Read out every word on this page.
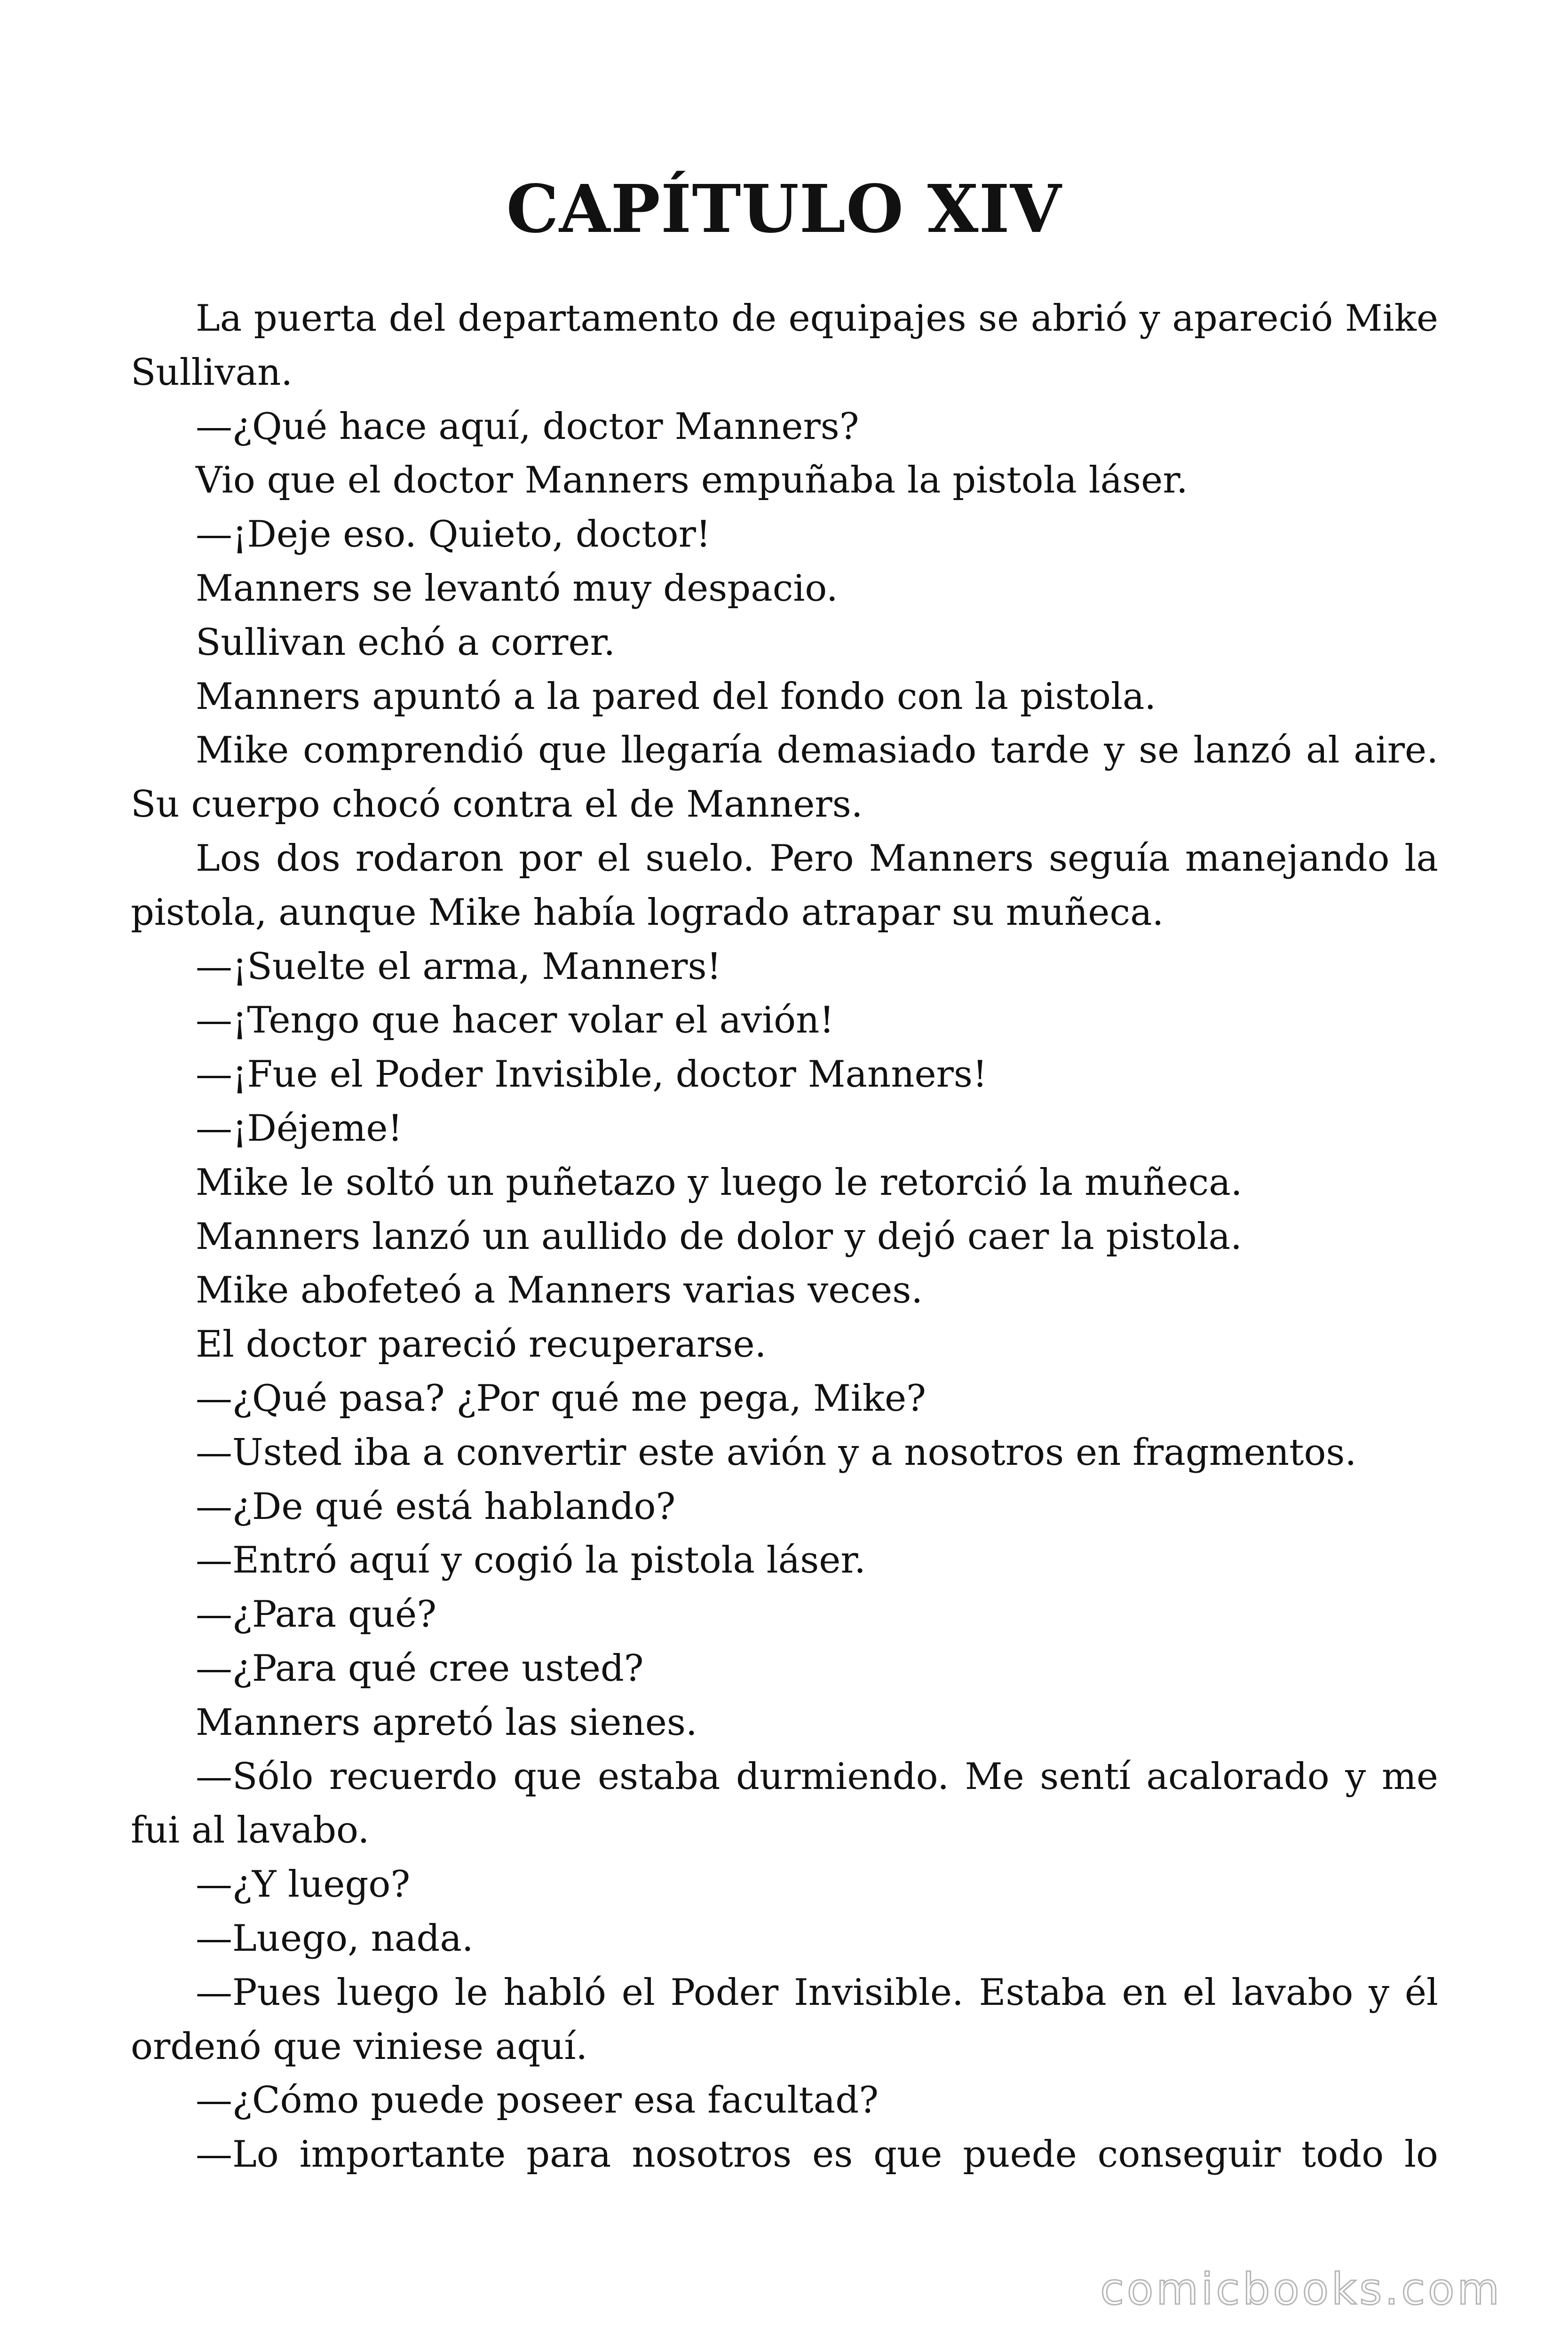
CAPÍTULO XIV

La puerta del departamento de equipajes se abrió y apareció Mike Sullivan.

—¿Qué hace aquí, doctor Manners?

Vio que el doctor Manners empuñaba la pistola láser.

—¡Deje eso. Quieto, doctor!

Manners se levantó muy despacio.

Sullivan echó a correr.

Manners apuntó a la pared del fondo con la pistola.

Mike comprendió que llegaría demasiado tarde y se lanzó al aire. Su cuerpo chocó contra el de Manners.

Los dos rodaron por el suelo. Pero Manners seguía manejando la pistola, aunque Mike había logrado atrapar su muñeca.

—¡Suelte el arma, Manners!

—¡Tengo que hacer volar el avión!

—¡Fue el Poder Invisible, doctor Manners!

—¡Déjeme!

Mike le soltó un puñetazo y luego le retorció la muñeca.

Manners lanzó un aullido de dolor y dejó caer la pistola.

Mike abofeteó a Manners varias veces.

El doctor pareció recuperarse.

—¿Qué pasa? ¿Por qué me pega, Mike?

—Usted iba a convertir este avión y a nosotros en fragmentos.

—¿De qué está hablando?

—Entró aquí y cogió la pistola láser.

—¿Para qué?

—¿Para qué cree usted?

Manners apretó las sienes.

—Sólo recuerdo que estaba durmiendo. Me sentí acalorado y me fui al lavabo.

—¿Y luego?

—Luego, nada.

—Pues luego le habló el Poder Invisible. Estaba en el lavabo y él ordenó que viniese aquí.

—¿Cómo puede poseer esa facultad?

—Lo importante para nosotros es que puede conseguir todo lo

comicbooks.com
